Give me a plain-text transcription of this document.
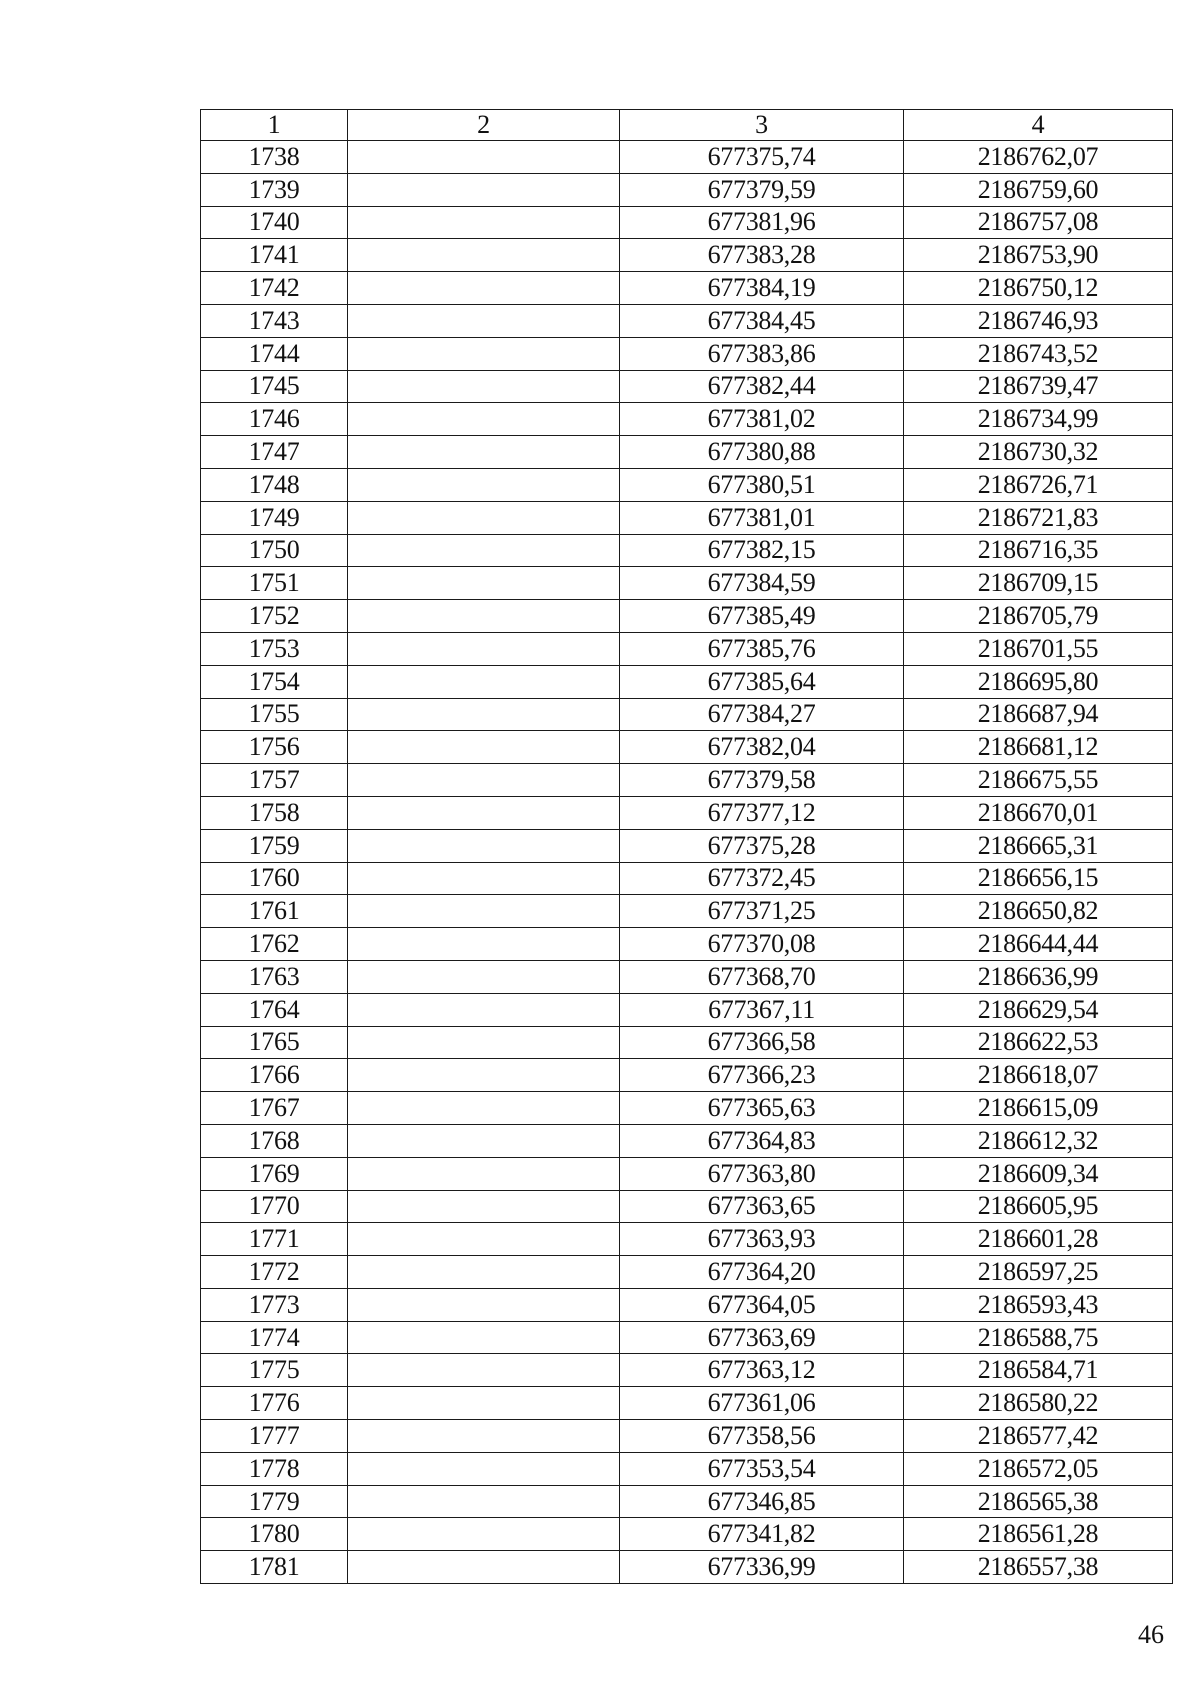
1	2	3	4
1738		677375,74	2186762,07
1739		677379,59	2186759,60
1740		677381,96	2186757,08
1741		677383,28	2186753,90
1742		677384,19	2186750,12
1743		677384,45	2186746,93
1744		677383,86	2186743,52
1745		677382,44	2186739,47
1746		677381,02	2186734,99
1747		677380,88	2186730,32
1748		677380,51	2186726,71
1749		677381,01	2186721,83
1750		677382,15	2186716,35
1751		677384,59	2186709,15
1752		677385,49	2186705,79
1753		677385,76	2186701,55
1754		677385,64	2186695,80
1755		677384,27	2186687,94
1756		677382,04	2186681,12
1757		677379,58	2186675,55
1758		677377,12	2186670,01
1759		677375,28	2186665,31
1760		677372,45	2186656,15
1761		677371,25	2186650,82
1762		677370,08	2186644,44
1763		677368,70	2186636,99
1764		677367,11	2186629,54
1765		677366,58	2186622,53
1766		677366,23	2186618,07
1767		677365,63	2186615,09
1768		677364,83	2186612,32
1769		677363,80	2186609,34
1770		677363,65	2186605,95
1771		677363,93	2186601,28
1772		677364,20	2186597,25
1773		677364,05	2186593,43
1774		677363,69	2186588,75
1775		677363,12	2186584,71
1776		677361,06	2186580,22
1777		677358,56	2186577,42
1778		677353,54	2186572,05
1779		677346,85	2186565,38
1780		677341,82	2186561,28
1781		677336,99	2186557,38
46
